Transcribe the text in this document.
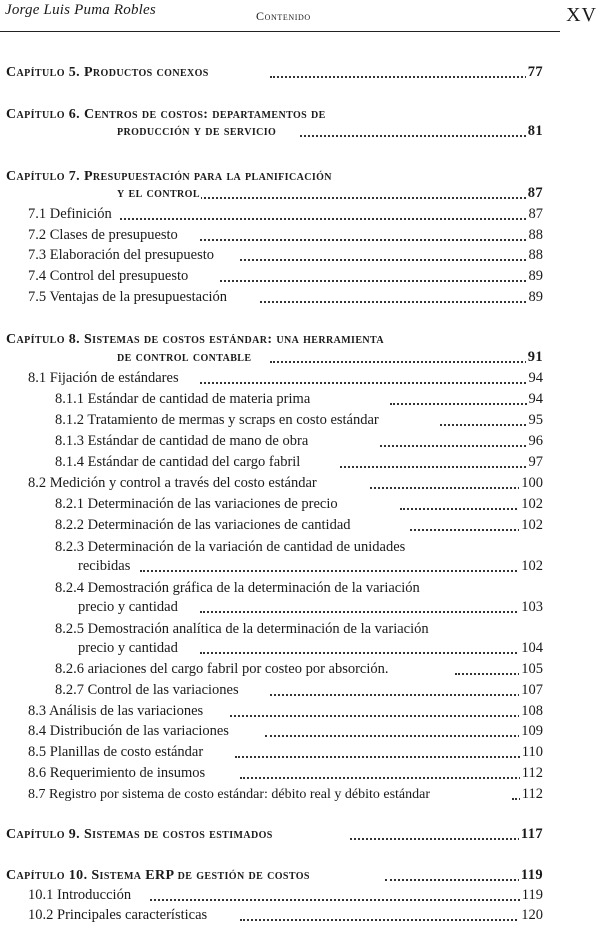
Jorge Luis Puma Robles	Contenido	XV
Capítulo 5. Productos conexos	77
Capítulo 6. Centros de costos: departamentos de
producción y de servicio	81
Capítulo 7. Presupuestación para la planificación
y el control	87
7.1 Definición	87
7.2 Clases de presupuesto	88
7.3 Elaboración del presupuesto	88
7.4 Control del presupuesto	89
7.5 Ventajas de la presupuestación	89
Capítulo 8. Sistemas de costos estándar: una herramienta
de control contable	91
8.1 Fijación de estándares	94
8.1.1 Estándar de cantidad de materia prima	94
8.1.2 Tratamiento de mermas y scraps en costo estándar	95
8.1.3 Estándar de cantidad de mano de obra	96
8.1.4 Estándar de cantidad del cargo fabril	97
8.2 Medición y control a través del costo estándar	100
8.2.1 Determinación de las variaciones de precio	102
8.2.2 Determinación de las variaciones de cantidad	102
8.2.3 Determinación de la variación de cantidad de unidades
recibidas	102
8.2.4 Demostración gráfica de la determinación de la variación
precio y cantidad	103
8.2.5 Demostración analítica de la determinación de la variación
precio y cantidad	104
8.2.6 ariaciones del cargo fabril por costeo por absorción.	105
8.2.7 Control de las variaciones	107
8.3 Análisis de las variaciones	108
8.4 Distribución de las variaciones	109
8.5 Planillas de costo estándar	110
8.6 Requerimiento de insumos	112
8.7 Registro por sistema de costo estándar: débito real y débito estándar	112
Capítulo 9. Sistemas de costos estimados	117
Capítulo 10. Sistema ERP de gestión de costos	119
10.1 Introducción	119
10.2 Principales características	120
